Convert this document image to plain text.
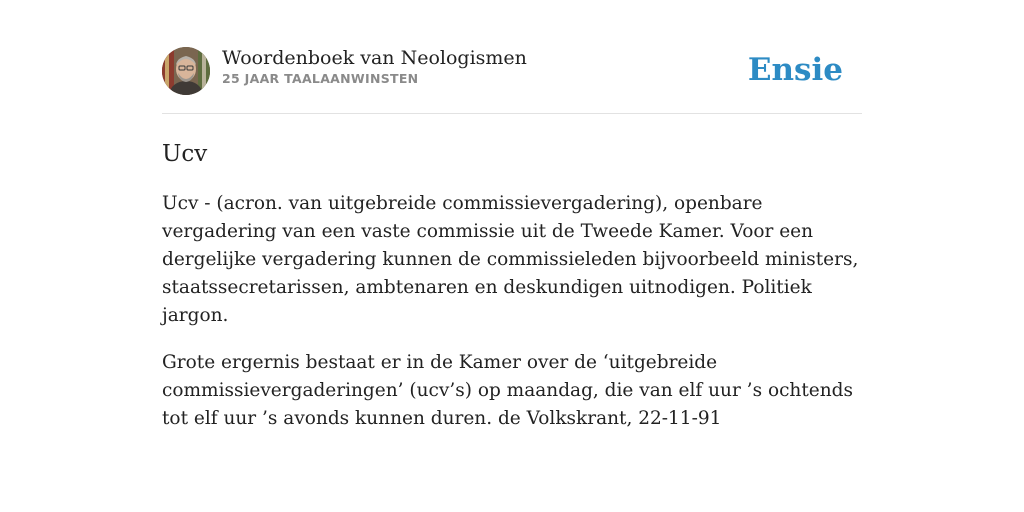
Woordenboek van Neologismen
25 JAAR TAALAANWINSTEN	Ensie
Ucv

Ucv - (acron. van uitgebreide commissievergadering), openbare vergadering van een vaste commissie uit de Tweede Kamer. Voor een dergelijke vergadering kunnen de commissieleden bijvoorbeeld ministers, staatssecretarissen, ambtenaren en deskundigen uitnodigen. Politiek jargon.

Grote ergernis bestaat er in de Kamer over de ‘uitgebreide commissievergaderingen’ (ucv’s) op maandag, die van elf uur ’s ochtends tot elf uur ’s avonds kunnen duren. de Volkskrant, 22-11-91
